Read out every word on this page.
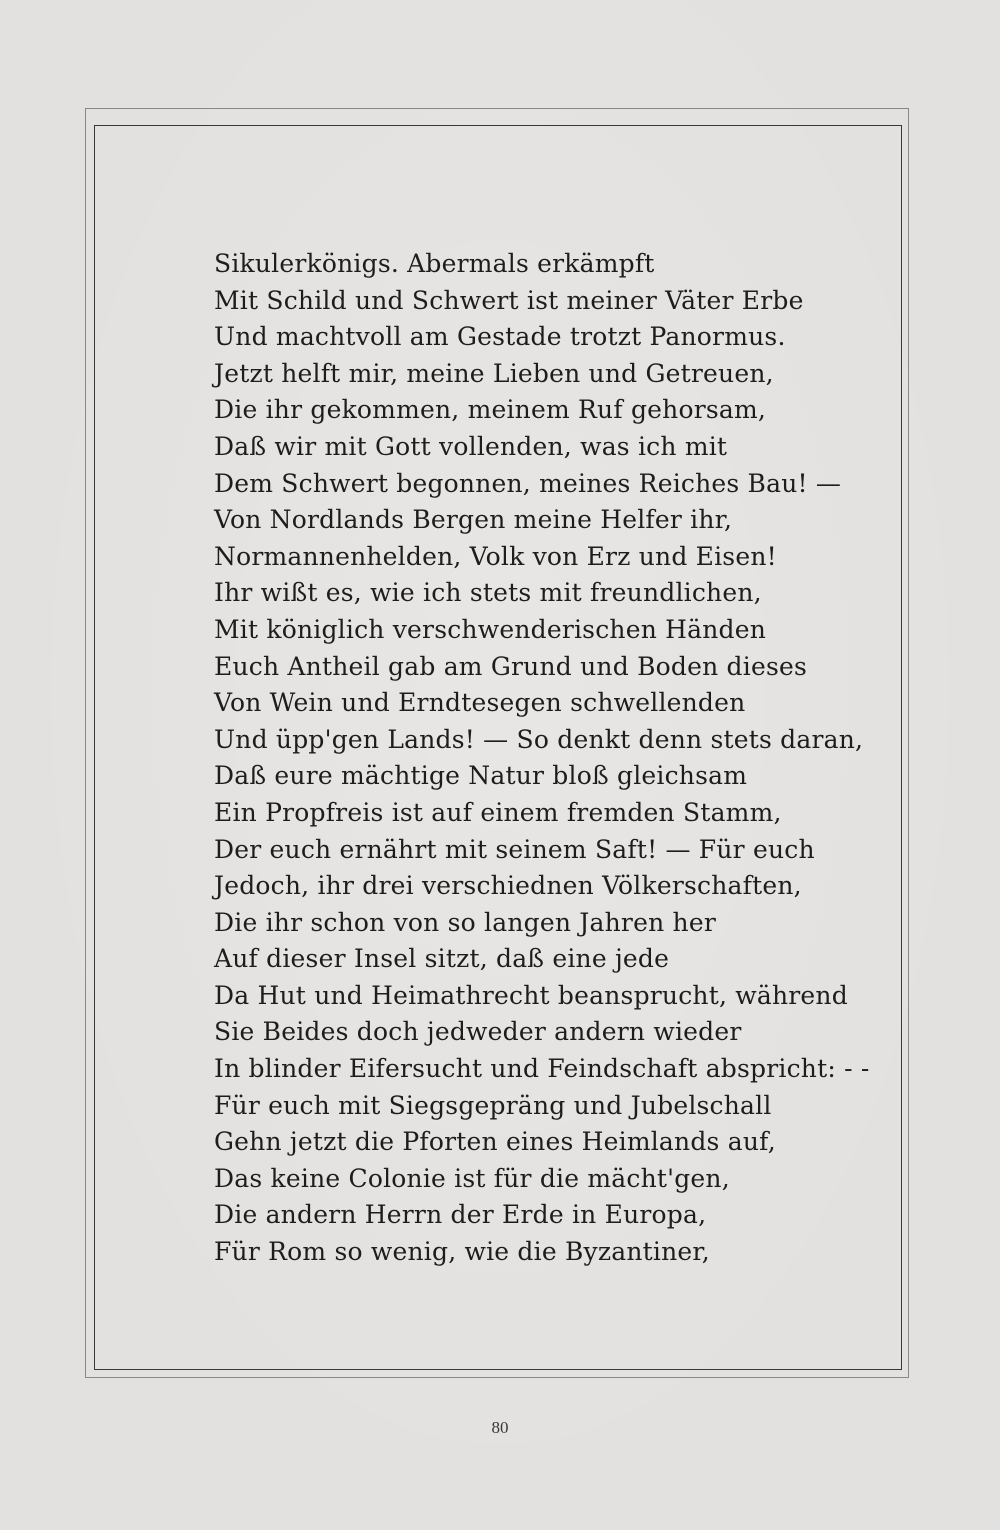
Sikulerkönigs. Abermals erkämpft
Mit Schild und Schwert ist meiner Väter Erbe
Und machtvoll am Gestade trotzt Panormus.
Jetzt helft mir, meine Lieben und Getreuen,
Die ihr gekommen, meinem Ruf gehorsam,
Daß wir mit Gott vollenden, was ich mit
Dem Schwert begonnen, meines Reiches Bau! —
Von Nordlands Bergen meine Helfer ihr,
Normannenhelden, Volk von Erz und Eisen!
Ihr wißt es, wie ich stets mit freundlichen,
Mit königlich verschwenderischen Händen
Euch Antheil gab am Grund und Boden dieses
Von Wein und Erndtesegen schwellenden
Und üpp'gen Lands! — So denkt denn stets daran,
Daß eure mächtige Natur bloß gleichsam
Ein Propfreis ist auf einem fremden Stamm,
Der euch ernährt mit seinem Saft! — Für euch
Jedoch, ihr drei verschiednen Völkerschaften,
Die ihr schon von so langen Jahren her
Auf dieser Insel sitzt, daß eine jede
Da Hut und Heimathrecht beansprucht, während
Sie Beides doch jedweder andern wieder
In blinder Eifersucht und Feindschaft abspricht: - -
Für euch mit Siegsgepräng und Jubelschall
Gehn jetzt die Pforten eines Heimlands auf,
Das keine Colonie ist für die mächt'gen,
Die andern Herrn der Erde in Europa,
Für Rom so wenig, wie die Byzantiner,
80
